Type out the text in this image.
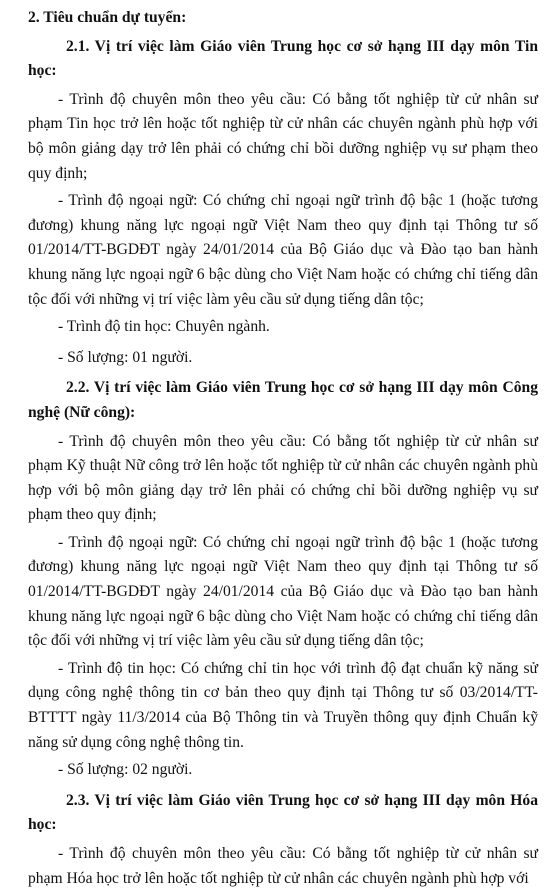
2. Tiêu chuẩn dự tuyển:
2.1. Vị trí việc làm Giáo viên Trung học cơ sở hạng III dạy môn Tin học:
- Trình độ chuyên môn theo yêu cầu: Có bằng tốt nghiệp từ cử nhân sư phạm Tin học trở lên hoặc tốt nghiệp từ cử nhân các chuyên ngành phù hợp với bộ môn giảng dạy trở lên phải có chứng chỉ bồi dưỡng nghiệp vụ sư phạm theo quy định;
- Trình độ ngoại ngữ: Có chứng chỉ ngoại ngữ trình độ bậc 1 (hoặc tương đương) khung năng lực ngoại ngữ Việt Nam theo quy định tại Thông tư số 01/2014/TT-BGDĐT ngày 24/01/2014 của Bộ Giáo dục và Đào tạo ban hành khung năng lực ngoại ngữ 6 bậc dùng cho Việt Nam hoặc có chứng chỉ tiếng dân tộc đối với những vị trí việc làm yêu cầu sử dụng tiếng dân tộc;
- Trình độ tin học: Chuyên ngành.
- Số lượng: 01 người.
2.2. Vị trí việc làm Giáo viên Trung học cơ sở hạng III dạy môn Công nghệ (Nữ công):
- Trình độ chuyên môn theo yêu cầu: Có bằng tốt nghiệp từ cử nhân sư phạm Kỹ thuật Nữ công trở lên hoặc tốt nghiệp từ cử nhân các chuyên ngành phù hợp với bộ môn giảng dạy trở lên phải có chứng chỉ bồi dưỡng nghiệp vụ sư phạm theo quy định;
- Trình độ ngoại ngữ: Có chứng chỉ ngoại ngữ trình độ bậc 1 (hoặc tương đương) khung năng lực ngoại ngữ Việt Nam theo quy định tại Thông tư số 01/2014/TT-BGDĐT ngày 24/01/2014 của Bộ Giáo dục và Đào tạo ban hành khung năng lực ngoại ngữ 6 bậc dùng cho Việt Nam hoặc có chứng chỉ tiếng dân tộc đối với những vị trí việc làm yêu cầu sử dụng tiếng dân tộc;
- Trình độ tin học: Có chứng chỉ tin học với trình độ đạt chuẩn kỹ năng sử dụng công nghệ thông tin cơ bản theo quy định tại Thông tư số 03/2014/TT-BTTTT ngày 11/3/2014 của Bộ Thông tin và Truyền thông quy định Chuẩn kỹ năng sử dụng công nghệ thông tin.
- Số lượng: 02 người.
2.3. Vị trí việc làm Giáo viên Trung học cơ sở hạng III dạy môn Hóa học:
- Trình độ chuyên môn theo yêu cầu: Có bằng tốt nghiệp từ cử nhân sư phạm Hóa học trở lên hoặc tốt nghiệp từ cử nhân các chuyên ngành phù hợp với
